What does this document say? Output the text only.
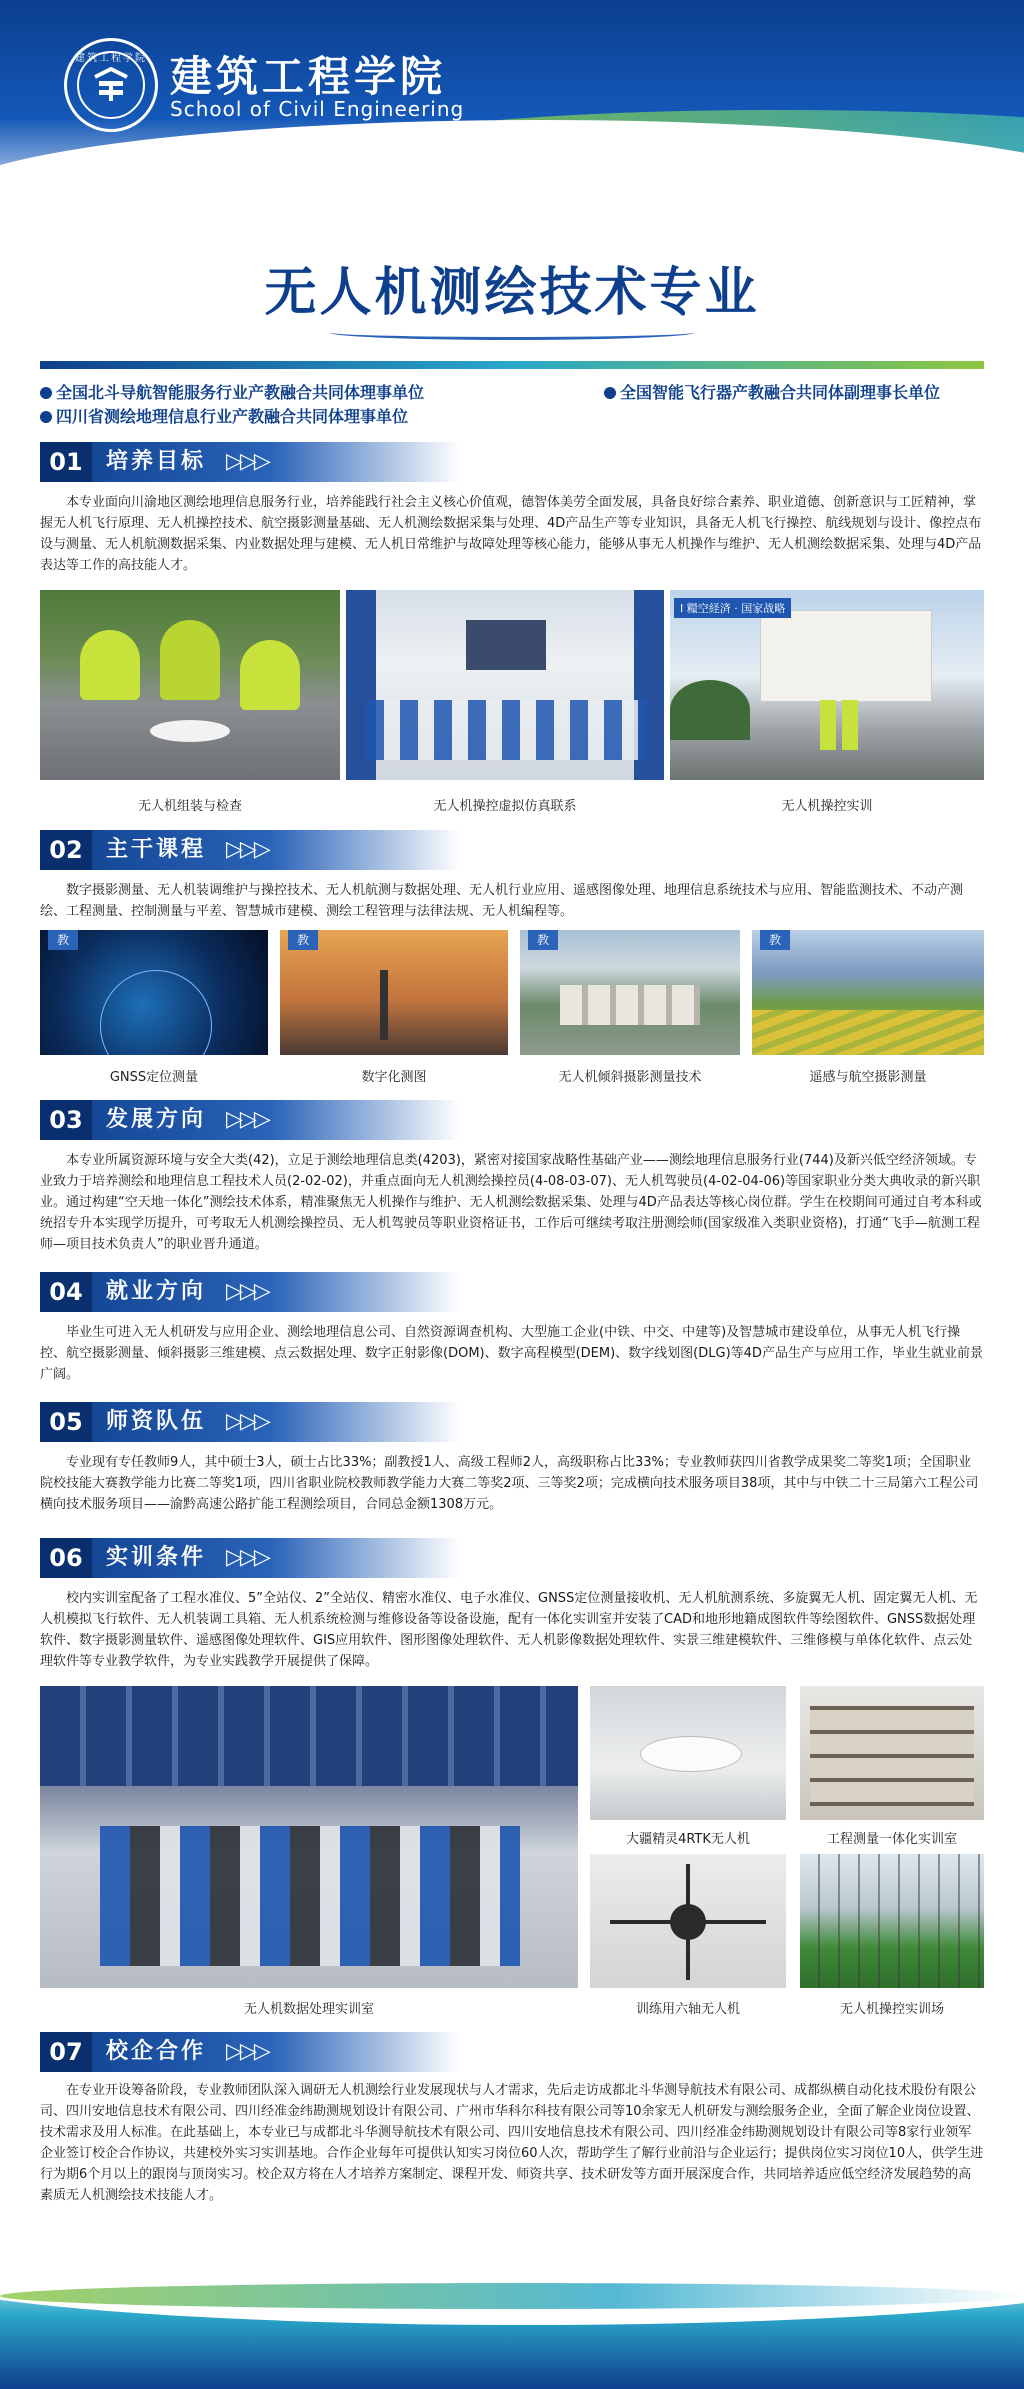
建筑工程学院 建筑工程学院
School of Civil Engineering
无人机测绘技术专业
全国北斗导航智能服务行业产教融合共同体理事单位	全国智能飞行器产教融合共同体副理事长单位
四川省测绘地理信息行业产教融合共同体理事单位
01	培养目标 ▷▷▷
本专业面向川渝地区测绘地理信息服务行业，培养能践行社会主义核心价值观，德智体美劳全面发展，具备良好综合素养、职业道德、创新意识与工匠精神，掌握无人机飞行原理、无人机操控技术、航空摄影测量基础、无人机测绘数据采集与处理、4D产品生产等专业知识，具备无人机飞行操控、航线规划与设计、像控点布设与测量、无人机航测数据采集、内业数据处理与建模、无人机日常维护与故障处理等核心能力，能够从事无人机操作与维护、无人机测绘数据采集、处理与4D产品表达等工作的高技能人才。
I 糧空経済 · 国家战略
无人机组装与检查	无人机操控虚拟仿真联系	无人机操控实训
02	主干课程 ▷▷▷
数字摄影测量、无人机装调维护与操控技术、无人机航测与数据处理、无人机行业应用、遥感图像处理、地理信息系统技术与应用、智能监测技术、不动产测绘、工程测量、控制测量与平差、智慧城市建模、测绘工程管理与法律法规、无人机编程等。
教	教	教	教
GNSS定位测量	数字化测图	无人机倾斜摄影测量技术	遥感与航空摄影测量
03	发展方向 ▷▷▷
本专业所属资源环境与安全大类(42)，立足于测绘地理信息类(4203)，紧密对接国家战略性基础产业——测绘地理信息服务行业(744)及新兴低空经济领域。专业致力于培养测绘和地理信息工程技术人员(2-02-02)，并重点面向无人机测绘操控员(4-08-03-07)、无人机驾驶员(4-02-04-06)等国家职业分类大典收录的新兴职业。通过构建“空天地一体化”测绘技术体系，精准聚焦无人机操作与维护、无人机测绘数据采集、处理与4D产品表达等核心岗位群。学生在校期间可通过自考本科或统招专升本实现学历提升，可考取无人机测绘操控员、无人机驾驶员等职业资格证书，工作后可继续考取注册测绘师(国家级准入类职业资格)，打通“飞手—航测工程师—项目技术负责人”的职业晋升通道。
04	就业方向 ▷▷▷
毕业生可进入无人机研发与应用企业、测绘地理信息公司、自然资源调查机构、大型施工企业(中铁、中交、中建等)及智慧城市建设单位，从事无人机飞行操控、航空摄影测量、倾斜摄影三维建模、点云数据处理、数字正射影像(DOM)、数字高程模型(DEM)、数字线划图(DLG)等4D产品生产与应用工作，毕业生就业前景广阔。
05	师资队伍 ▷▷▷
专业现有专任教师9人，其中硕士3人，硕士占比33%；副教授1人、高级工程师2人，高级职称占比33%；专业教师获四川省教学成果奖二等奖1项；全国职业院校技能大赛教学能力比赛二等奖1项，四川省职业院校教师教学能力大赛二等奖2项、三等奖2项；完成横向技术服务项目38项，其中与中铁二十三局第六工程公司横向技术服务项目——渝黔高速公路扩能工程测绘项目，合同总金额1308万元。
06	实训条件 ▷▷▷
校内实训室配备了工程水准仪、5”全站仪、2”全站仪、精密水准仪、电子水准仪、GNSS定位测量接收机、无人机航测系统、多旋翼无人机、固定翼无人机、无人机模拟飞行软件、无人机装调工具箱、无人机系统检测与维修设备等设备设施，配有一体化实训室并安装了CAD和地形地籍成图软件等绘图软件、GNSS数据处理软件、数字摄影测量软件、遥感图像处理软件、GIS应用软件、图形图像处理软件、无人机影像数据处理软件、实景三维建模软件、三维修模与单体化软件、点云处理软件等专业教学软件，为专业实践教学开展提供了保障。
大疆精灵4RTK无人机	工程测量一体化实训室
无人机数据处理实训室	训练用六轴无人机	无人机操控实训场
07	校企合作 ▷▷▷
在专业开设筹备阶段，专业教师团队深入调研无人机测绘行业发展现状与人才需求，先后走访成都北斗华测导航技术有限公司、成都纵横自动化技术股份有限公司、四川安地信息技术有限公司、四川经准金纬勘测规划设计有限公司、广州市华科尔科技有限公司等10余家无人机研发与测绘服务企业，全面了解企业岗位设置、技术需求及用人标准。在此基础上，本专业已与成都北斗华测导航技术有限公司、四川安地信息技术有限公司、四川经准金纬勘测规划设计有限公司等8家行业领军企业签订校企合作协议，共建校外实习实训基地。合作企业每年可提供认知实习岗位60人次，帮助学生了解行业前沿与企业运行；提供岗位实习岗位10人，供学生进行为期6个月以上的跟岗与顶岗实习。校企双方将在人才培养方案制定、课程开发、师资共享、技术研发等方面开展深度合作，共同培养适应低空经济发展趋势的高素质无人机测绘技术技能人才。
